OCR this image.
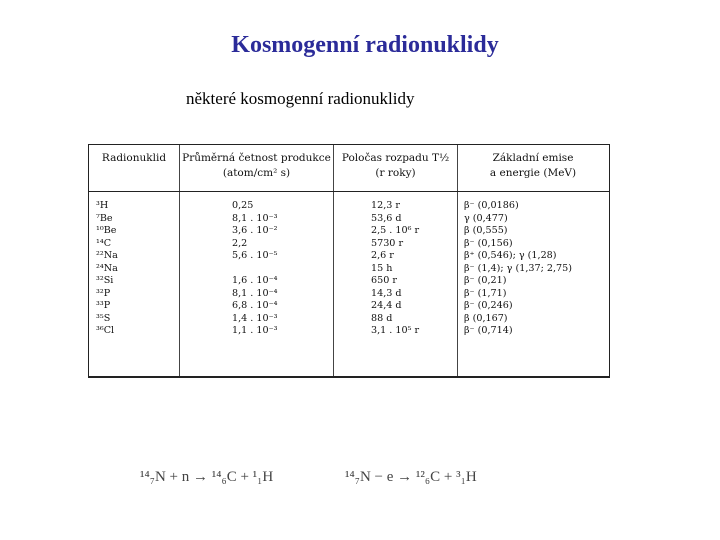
Kosmogenní radionuklidy
některé kosmogenní radionuklidy
Radionuklid	Průměrná četnost produkce
(atom/cm² s)
Poločas rozpadu T½
(r roky)
Základní emise
a energie (MeV)
³H
⁷Be
¹⁰Be
¹⁴C
²²Na
²⁴Na
³²Si
³²P
³³P
³⁵S
³⁶Cl
0,25
8,1 . 10⁻³
3,6 . 10⁻²
2,2
5,6 . 10⁻⁵
1,6 . 10⁻⁴
8,1 . 10⁻⁴
6,8 . 10⁻⁴
1,4 . 10⁻³
1,1 . 10⁻³
12,3 r
53,6 d
2,5 . 10⁶ r
5730 r
2,6 r
15 h
650 r
14,3 d
24,4 d
88 d
3,1 . 10⁵ r
β⁻ (0,0186)
γ (0,477)
β (0,555)
β⁻ (0,156)
β⁺ (0,546); γ (1,28)
β⁻ (1,4); γ (1,37; 2,75)
β⁻ (0,21)
β⁻ (1,71)
β⁻ (0,246)
β (0,167)
β⁻ (0,714)
¹⁴₇N + n → ¹⁴₆C + ¹₁H	¹⁴₇N − e → ¹²₆C + ³₁H
